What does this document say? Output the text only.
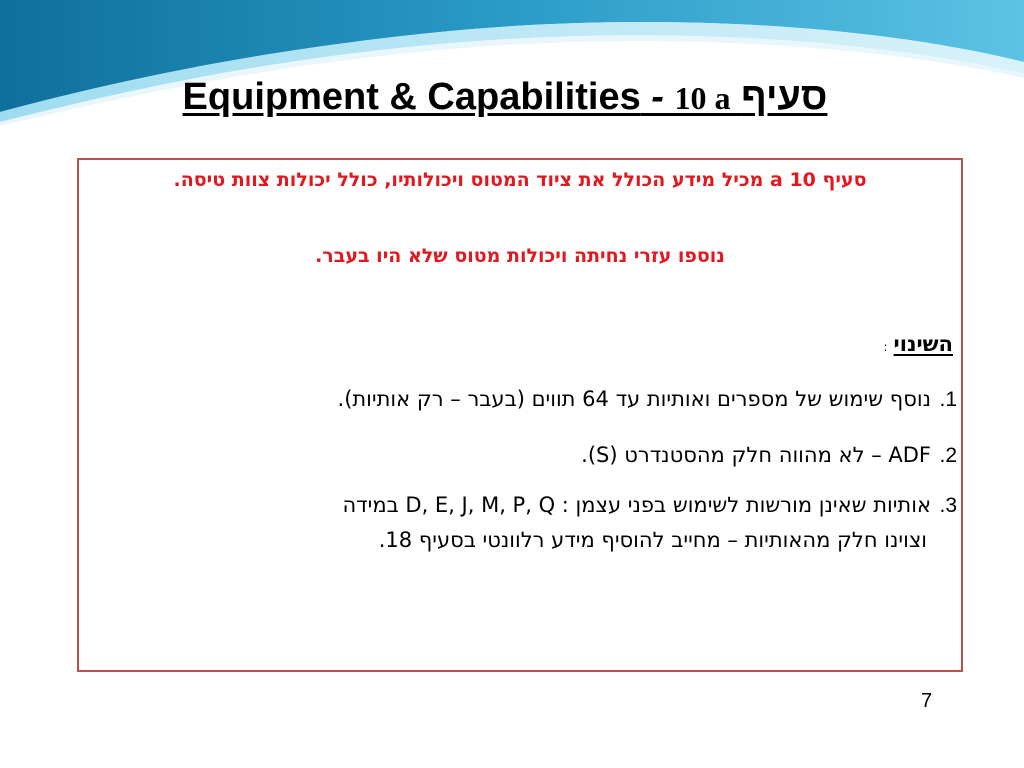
Equipment & Capabilities - 10 a סעיף
סעיף 10 a מכיל מידע הכולל את ציוד המטוס ויכולותיו, כולל יכולות צוות טיסה.
נוספו עזרי נחיתה ויכולות מטוס שלא היו בעבר.
השינוי:
1.נוסף שימוש של מספרים ואותיות עד 64 תווים (בעבר – רק אותיות).
2.ADF – לא מהווה חלק מהסטנדרט (S).
3.אותיות שאינן מורשות לשימוש בפני עצמן : D, E, J, M, P, Q במידה
וצוינו חלק מהאותיות – מחייב להוסיף מידע רלוונטי בסעיף 18.
7
